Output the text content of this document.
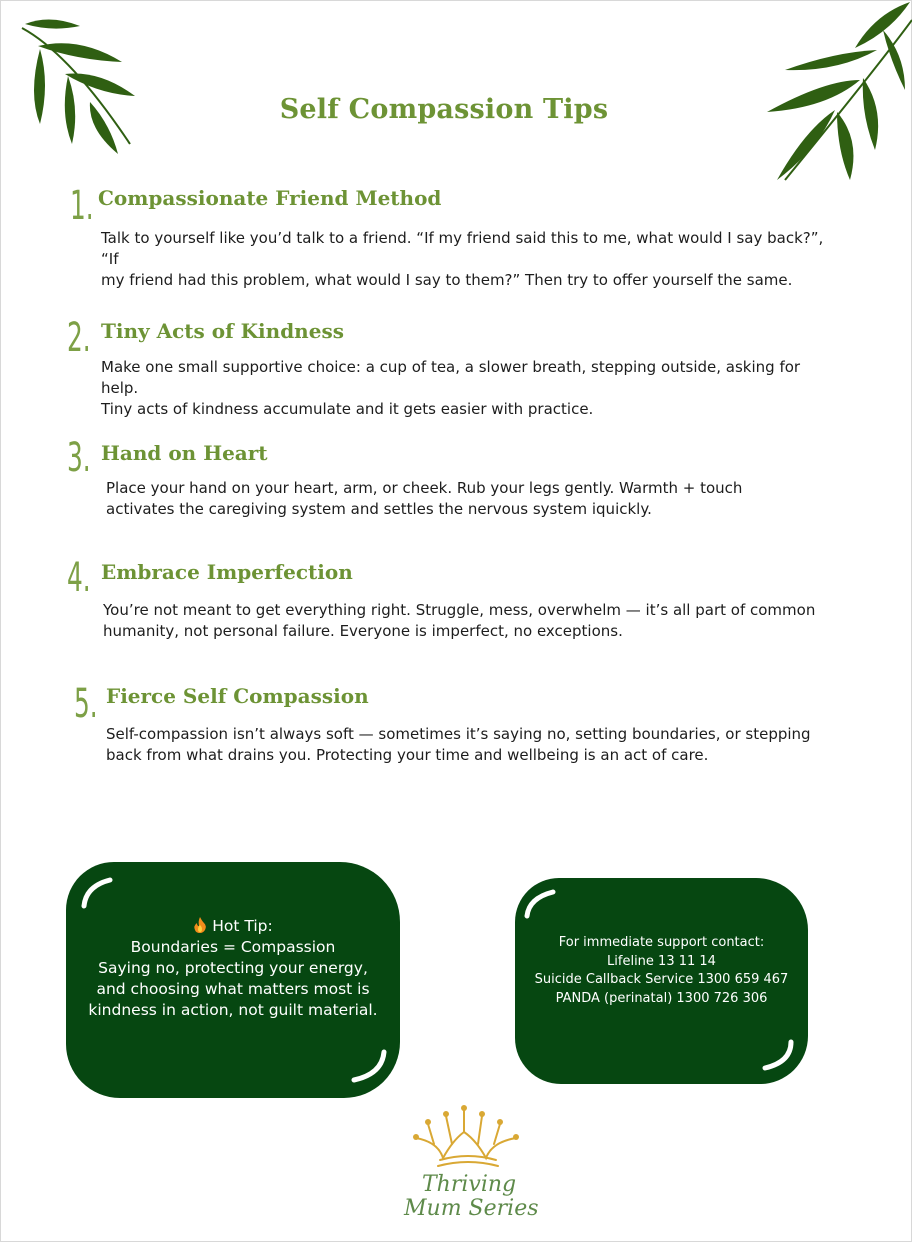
Self Compassion Tips
1. Compassionate Friend Method
Talk to yourself like you’d talk to a friend. “If my friend said this to me, what would I say back?”, “If
my friend had this problem, what would I say to them?” Then try to offer yourself the same.
2. Tiny Acts of Kindness
Make one small supportive choice: a cup of tea, a slower breath, stepping outside, asking for help.
Tiny acts of kindness accumulate and it gets easier with practice.
3. Hand on Heart
Place your hand on your heart, arm, or cheek. Rub your legs gently. Warmth + touch
activates the caregiving system and settles the nervous system iquickly.
4. Embrace Imperfection
You’re not meant to get everything right. Struggle, mess, overwhelm — it’s all part of common
humanity, not personal failure. Everyone is imperfect, no exceptions.
5. Fierce Self Compassion
Self-compassion isn’t always soft — sometimes it’s saying no, setting boundaries, or stepping
back from what drains you. Protecting your time and wellbeing is an act of care.
Hot Tip:
Boundaries = Compassion
Saying no, protecting your energy,
and choosing what matters most is
kindness in action, not guilt material.
For immediate support contact:
Lifeline 13 11 14
Suicide Callback Service 1300 659 467
PANDA (perinatal) 1300 726 306
Thriving
Mum Series
